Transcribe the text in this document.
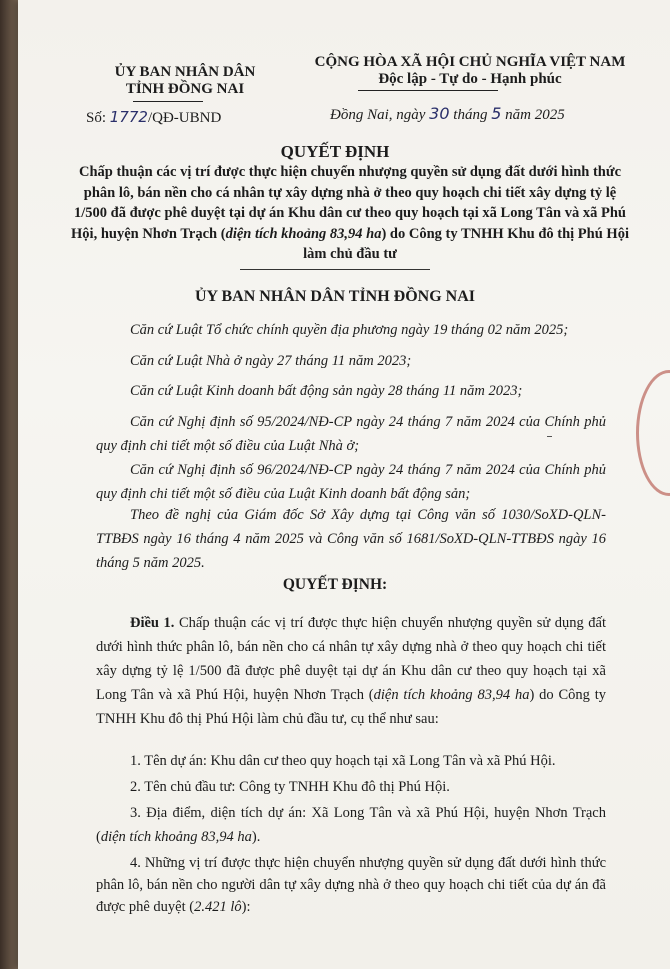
ỦY BAN NHÂN DÂN
TỈNH ĐỒNG NAI
Số: 1772/QĐ-UBND
CỘNG HÒA XÃ HỘI CHỦ NGHĨA VIỆT NAM
Độc lập - Tự do - Hạnh phúc
Đồng Nai, ngày 30 tháng 5 năm 2025
QUYẾT ĐỊNH
Chấp thuận các vị trí được thực hiện chuyển nhượng quyền sử dụng đất dưới hình thức phân lô, bán nền cho cá nhân tự xây dựng nhà ở theo quy hoạch chi tiết xây dựng tỷ lệ 1/500 đã được phê duyệt tại dự án Khu dân cư theo quy hoạch tại xã Long Tân và xã Phú Hội, huyện Nhơn Trạch (diện tích khoảng 83,94 ha) do Công ty TNHH Khu đô thị Phú Hội làm chủ đầu tư
ỦY BAN NHÂN DÂN TỈNH ĐỒNG NAI
Căn cứ Luật Tổ chức chính quyền địa phương ngày 19 tháng 02 năm 2025;
Căn cứ Luật Nhà ở ngày 27 tháng 11 năm 2023;
Căn cứ Luật Kinh doanh bất động sản ngày 28 tháng 11 năm 2023;
Căn cứ Nghị định số 95/2024/NĐ-CP ngày 24 tháng 7 năm 2024 của Chính phủ quy định chi tiết một số điều của Luật Nhà ở;
Căn cứ Nghị định số 96/2024/NĐ-CP ngày 24 tháng 7 năm 2024 của Chính phủ quy định chi tiết một số điều của Luật Kinh doanh bất động sản;
Theo đề nghị của Giám đốc Sở Xây dựng tại Công văn số 1030/SoXD-QLN-TTBĐS ngày 16 tháng 4 năm 2025 và Công văn số 1681/SoXD-QLN-TTBĐS ngày 16 tháng 5 năm 2025.
QUYẾT ĐỊNH:
Điều 1. Chấp thuận các vị trí được thực hiện chuyển nhượng quyền sử dụng đất dưới hình thức phân lô, bán nền cho cá nhân tự xây dựng nhà ở theo quy hoạch chi tiết xây dựng tỷ lệ 1/500 đã được phê duyệt tại dự án Khu dân cư theo quy hoạch tại xã Long Tân và xã Phú Hội, huyện Nhơn Trạch (diện tích khoảng 83,94 ha) do Công ty TNHH Khu đô thị Phú Hội làm chủ đầu tư, cụ thể như sau:
1. Tên dự án: Khu dân cư theo quy hoạch tại xã Long Tân và xã Phú Hội.
2. Tên chủ đầu tư: Công ty TNHH Khu đô thị Phú Hội.
3. Địa điểm, diện tích dự án: Xã Long Tân và xã Phú Hội, huyện Nhơn Trạch (diện tích khoảng 83,94 ha).
4. Những vị trí được thực hiện chuyển nhượng quyền sử dụng đất dưới hình thức phân lô, bán nền cho người dân tự xây dựng nhà ở theo quy hoạch chi tiết của dự án đã được phê duyệt (2.421 lô):
